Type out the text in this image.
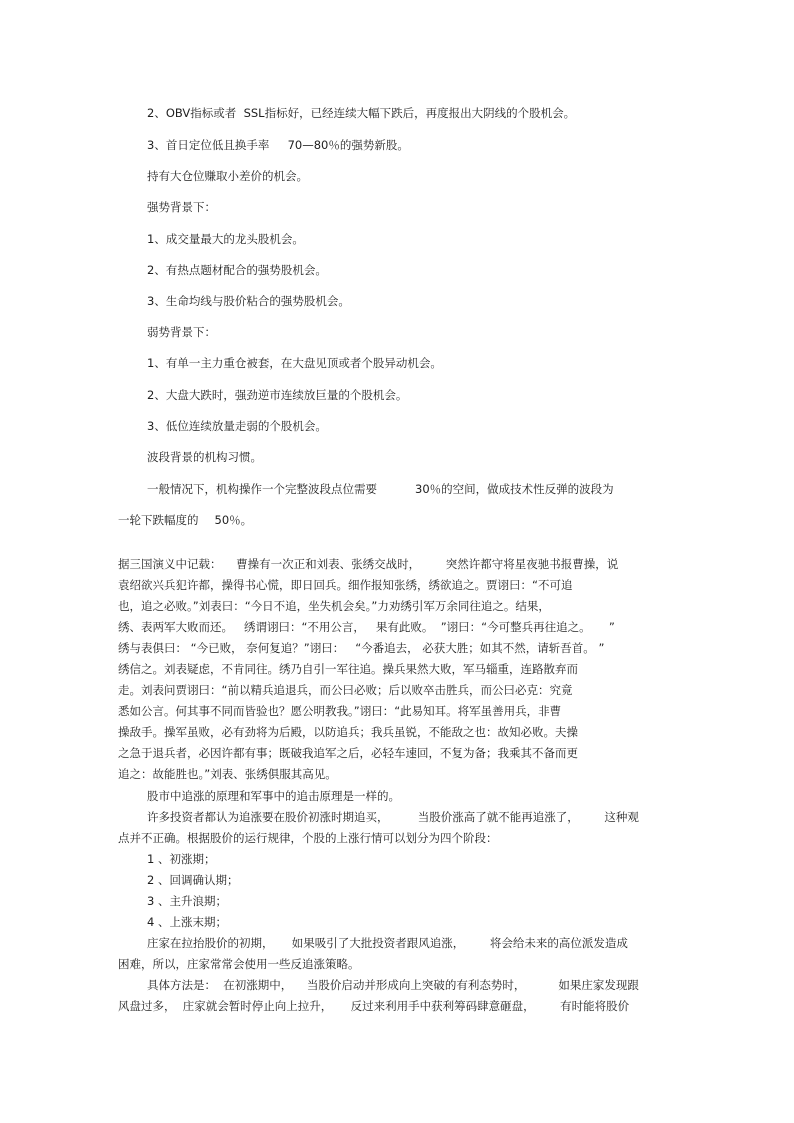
2、OBV指标或者  SSL指标好，已经连续大幅下跌后，再度报出大阴线的个股机会。
3、首日定位低且换手率     70—80％的强势新股。
持有大仓位赚取小差价的机会。
强势背景下：
1、成交量最大的龙头股机会。
2、有热点题材配合的强势股机会。
3、生命均线与股价粘合的强势股机会。
弱势背景下：
1、有单一主力重仓被套，在大盘见顶或者个股异动机会。
2、大盘大跌时，强劲逆市连续放巨量的个股机会。
3、低位连续放量走弱的个股机会。
波段背景的机构习惯。
一般情况下，机构操作一个完整波段点位需要	30％的空间，做成技术性反弹的波段为
一轮下跌幅度的 50％。
据三国演义中记载：    曹操有一次正和刘表、张绣交战时，       突然许都守将星夜驰书报曹操，说
袁绍欲兴兵犯许都，操得书心慌，即日回兵。细作报知张绣，绣欲追之。贾诩曰：“不可追
也，追之必败。”刘表曰：“今日不追，坐失机会矣。”力劝绣引军万余同往追之。结果，
绣、表两军大败而还。   绣谓诩曰：“不用公言，   果有此败。  ”诩曰：“今可整兵再往追之。     ”
绣与表俱曰： “今已败， 奈何复追？”诩曰：   “今番追去， 必获大胜；如其不然，请斩吾首。 ”
绣信之。刘表疑虑，不肯同往。绣乃自引一军往追。操兵果然大败，军马辎重，连路散弃而
走。刘表问贾诩曰：“前以精兵追退兵，而公曰必败；后以败卒击胜兵，而公曰必克：究竟
悉如公言。何其事不同而皆验也？愿公明教我。”诩曰：“此易知耳。将军虽善用兵，非曹
操敌手。操军虽败，必有劲将为后殿，以防追兵；我兵虽锐，不能敌之也：故知必败。夫操
之急于退兵者，必因许都有事；既破我追军之后，必轻车速回，不复为备；我乘其不备而更
追之：故能胜也。”刘表、张绣俱服其高见。
股市中追涨的原理和军事中的追击原理是一样的。
许多投资者都认为追涨要在股价初涨时期追买，        当股价涨高了就不能再追涨了，       这种观
点并不正确。根据股价的运行规律，个股的上涨行情可以划分为四个阶段：
1 、初涨期；
2 、回调确认期；
3 、主升浪期；
4 、上涨末期；
庄家在拉抬股价的初期，     如果吸引了大批投资者跟风追涨，       将会给未来的高位派发造成
困难，所以，庄家常常会使用一些反追涨策略。
具体方法是：  在初涨期中，    当股价启动并形成向上突破的有利态势时，         如果庄家发现跟
风盘过多，  庄家就会暂时停止向上拉升，     反过来利用手中获利筹码肆意砸盘，       有时能将股价
